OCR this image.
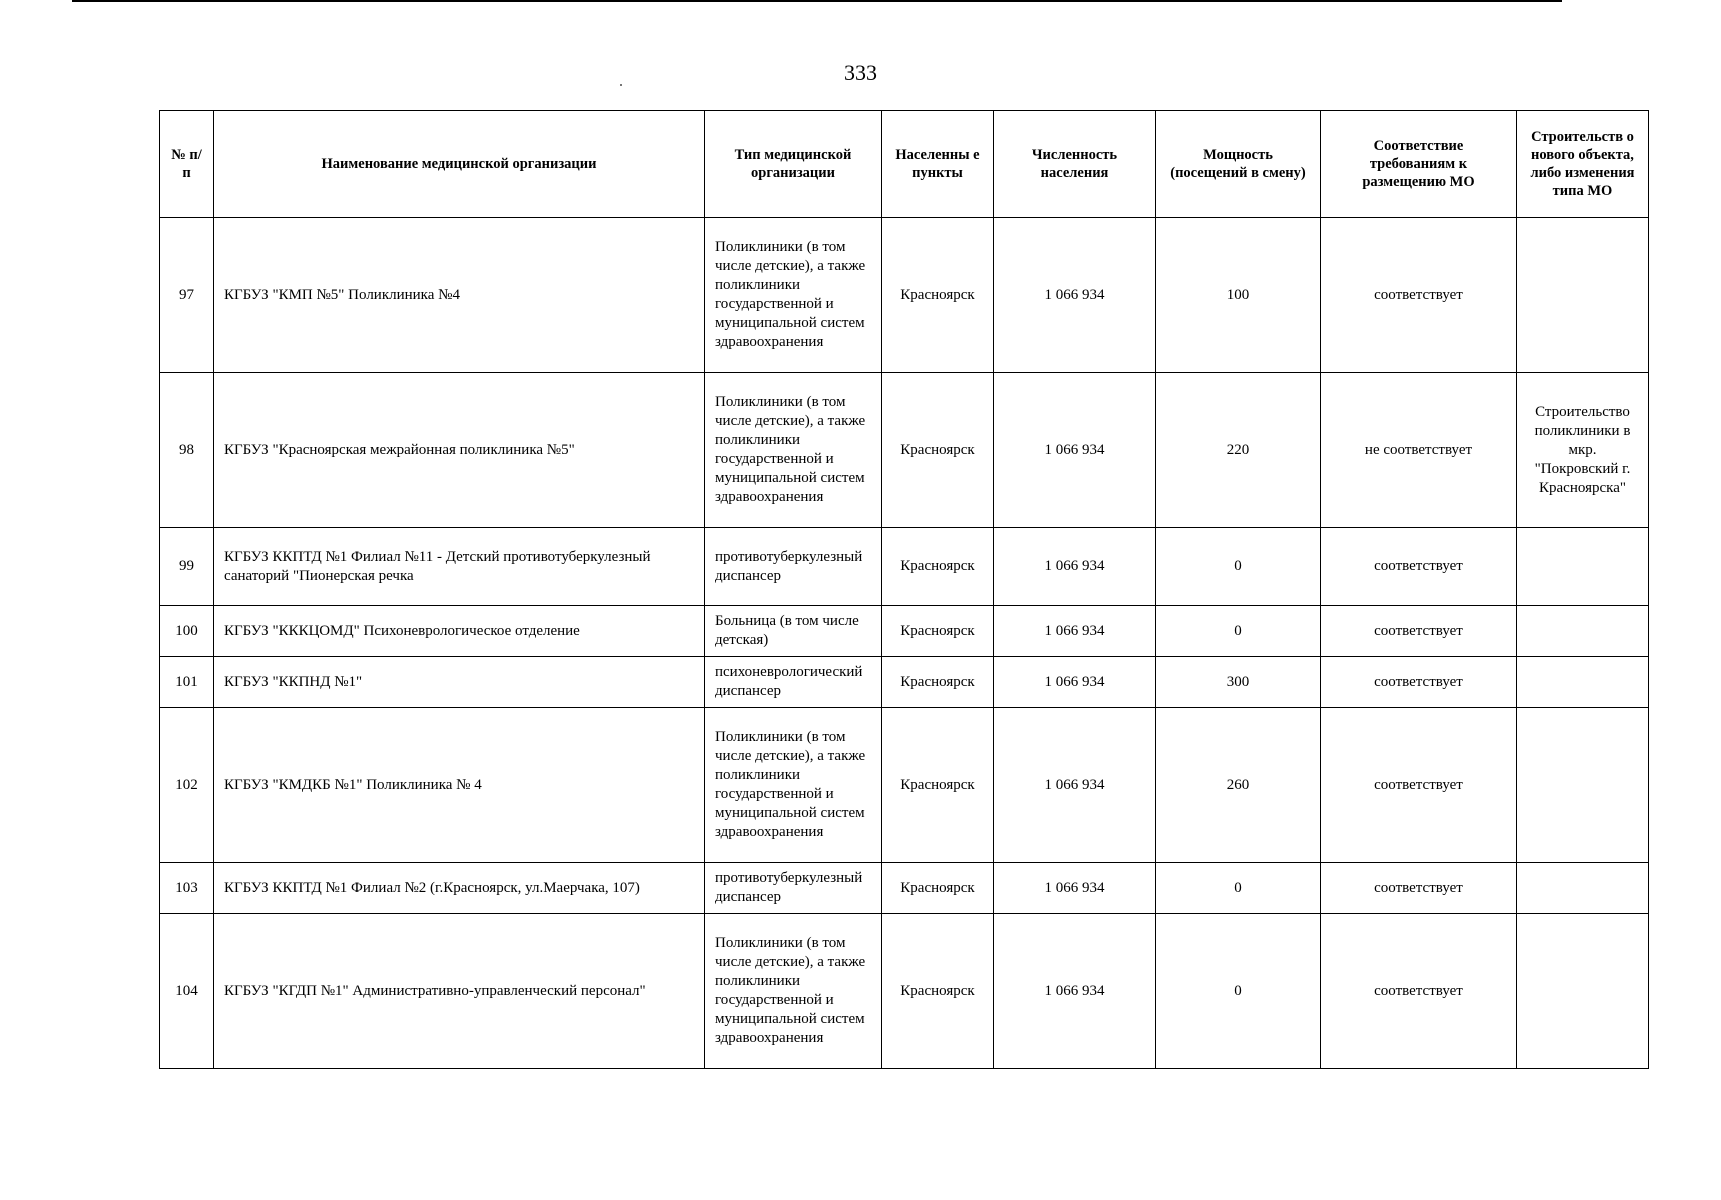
333
№ п/п	Наименование медицинской организации	Тип медицинской организации	Населенны е пункты	Численность населения	Мощность (посещений в смену)	Соответствие требованиям к размещению МО	Строительств о нового объекта, либо изменения типа МО
97	КГБУЗ "КМП №5" Поликлиника №4	Поликлиники (в том числе детские), а также поликлиники государственной и муниципальной систем здравоохранения	Красноярск	1 066 934	100	соответствует	
98	КГБУЗ "Красноярская межрайонная поликлиника №5"	Поликлиники (в том числе детские), а также поликлиники государственной и муниципальной систем здравоохранения	Красноярск	1 066 934	220	не соответствует	Строительство поликлиники в мкр. "Покровский г. Красноярска"
99	КГБУЗ ККПТД №1 Филиал №11 - Детский противотуберкулезный санаторий "Пионерская речка	противотуберкулезный диспансер	Красноярск	1 066 934	0	соответствует	
100	КГБУЗ "КККЦОМД" Психоневрологическое отделение	Больница (в том числе детская)	Красноярск	1 066 934	0	соответствует	
101	КГБУЗ "ККПНД №1"	психоневрологический диспансер	Красноярск	1 066 934	300	соответствует	
102	КГБУЗ "КМДКБ №1" Поликлиника № 4	Поликлиники (в том числе детские), а также поликлиники государственной и муниципальной систем здравоохранения	Красноярск	1 066 934	260	соответствует	
103	КГБУЗ ККПТД №1 Филиал №2 (г.Красноярск, ул.Маерчака, 107)	противотуберкулезный диспансер	Красноярск	1 066 934	0	соответствует	
104	КГБУЗ "КГДП №1" Административно-управленческий персонал"	Поликлиники (в том числе детские), а также поликлиники государственной и муниципальной систем здравоохранения	Красноярск	1 066 934	0	соответствует	
